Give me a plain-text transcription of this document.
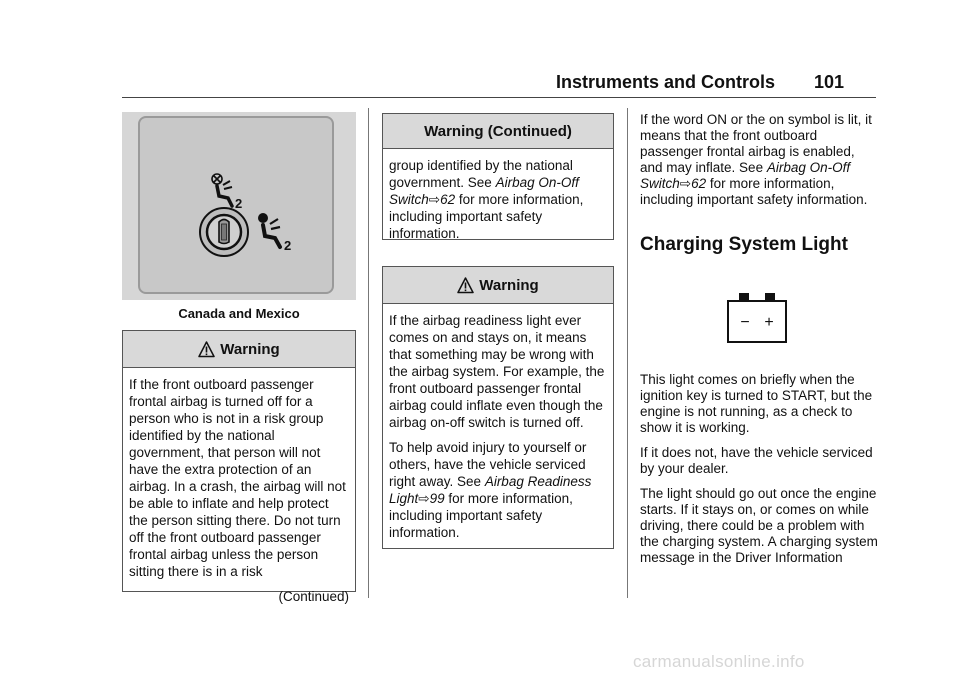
Instruments and Controls 101
2
2
Canada and Mexico
Warning

If the front outboard passenger frontal airbag is turned off for a person who is not in a risk group identified by the national government, that person will not have the extra protection of an airbag. In a crash, the airbag will not be able to inflate and help protect the person sitting there. Do not turn off the front outboard passenger frontal airbag unless the person sitting there is in a risk

(Continued)
Warning (Continued)

group identified by the national government. See Airbag On-Off Switch⇨62 for more information, including important safety information.

Warning

If the airbag readiness light ever comes on and stays on, it means that something may be wrong with the airbag system. For example, the front outboard passenger frontal airbag could inflate even though the airbag on-off switch is turned off.

To help avoid injury to yourself or others, have the vehicle serviced right away. See Airbag Readiness Light⇨99 for more information, including important safety information.

If the word ON or the on symbol is lit, it means that the front outboard passenger frontal airbag is enabled, and may inflate. See Airbag On-Off Switch⇨62 for more information, including important safety information.

Charging System Light
− +

This light comes on briefly when the ignition key is turned to START, but the engine is not running, as a check to show it is working.

If it does not, have the vehicle serviced by your dealer.

The light should go out once the engine starts. If it stays on, or comes on while driving, there could be a problem with the charging system. A charging system message in the Driver Information

carmanualsonline.info
